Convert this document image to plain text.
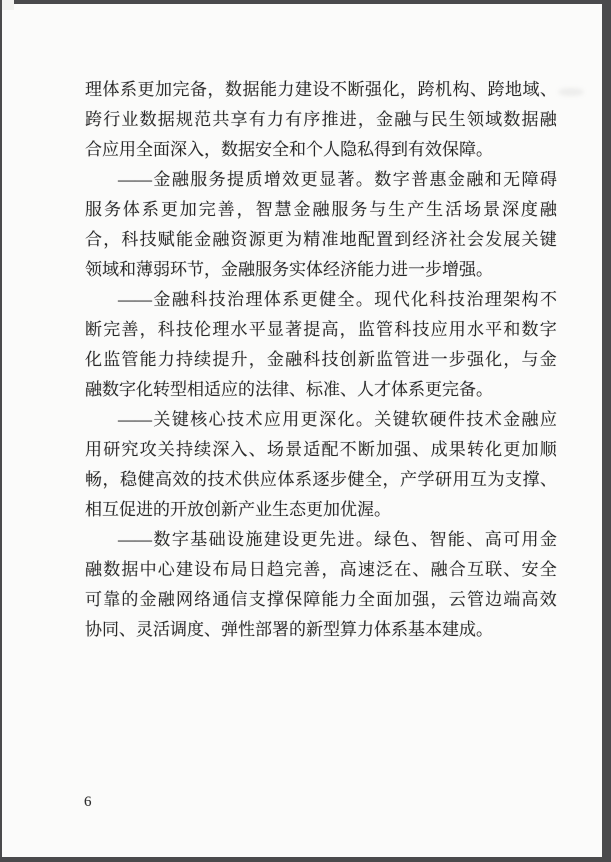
理 体 系 更 加 完 备 ， 数 据 能 力 建 设 不 断 强 化 ， 跨 机 构 、 跨 地 域 、
跨 行 业 数 据 规 范 共 享 有 力 有 序 推 进 ， 金 融 与 民 生 领 域 数 据 融
合应用全面深入，数据安全和个人隐私得到有效保障。
—— 金 融 服 务 提 质 增 效 更 显 著 。 数 字 普 惠 金 融 和 无 障 碍
服 务 体 系 更 加 完 善 ， 智 慧 金 融 服 务 与 生 产 生 活 场 景 深 度 融
合 ， 科 技 赋 能 金 融 资 源 更 为 精 准 地 配 置 到 经 济 社 会 发 展 关 键
领域和薄弱环节，金融服务实体经济能力进一步增强。
—— 金 融 科 技 治 理 体 系 更 健 全 。 现 代 化 科 技 治 理 架 构 不
断 完 善 ， 科 技 伦 理 水 平 显 著 提 高 ， 监 管 科 技 应 用 水 平 和 数 字
化 监 管 能 力 持 续 提 升 ， 金 融 科 技 创 新 监 管 进 一 步 强 化 ， 与 金
融数字化转型相适应的法律、标准、人才体系更完备。
—— 关 键 核 心 技 术 应 用 更 深 化 。 关 键 软 硬 件 技 术 金 融 应
用 研 究 攻 关 持 续 深 入 、 场 景 适 配 不 断 加 强 、 成 果 转 化 更 加 顺
畅 ， 稳 健 高 效 的 技 术 供 应 体 系 逐 步 健 全 ， 产 学 研 用 互 为 支 撑 、
相互促进的开放创新产业生态更加优渥。
—— 数 字 基 础 设 施 建 设 更 先 进 。 绿 色 、 智 能 、 高 可 用 金
融 数 据 中 心 建 设 布 局 日 趋 完 善 ， 高 速 泛 在 、 融 合 互 联 、 安 全
可 靠 的 金 融 网 络 通 信 支 撑 保 障 能 力 全 面 加 强 ， 云 管 边 端 高 效
协同、灵活调度、弹性部署的新型算力体系基本建成。
6
